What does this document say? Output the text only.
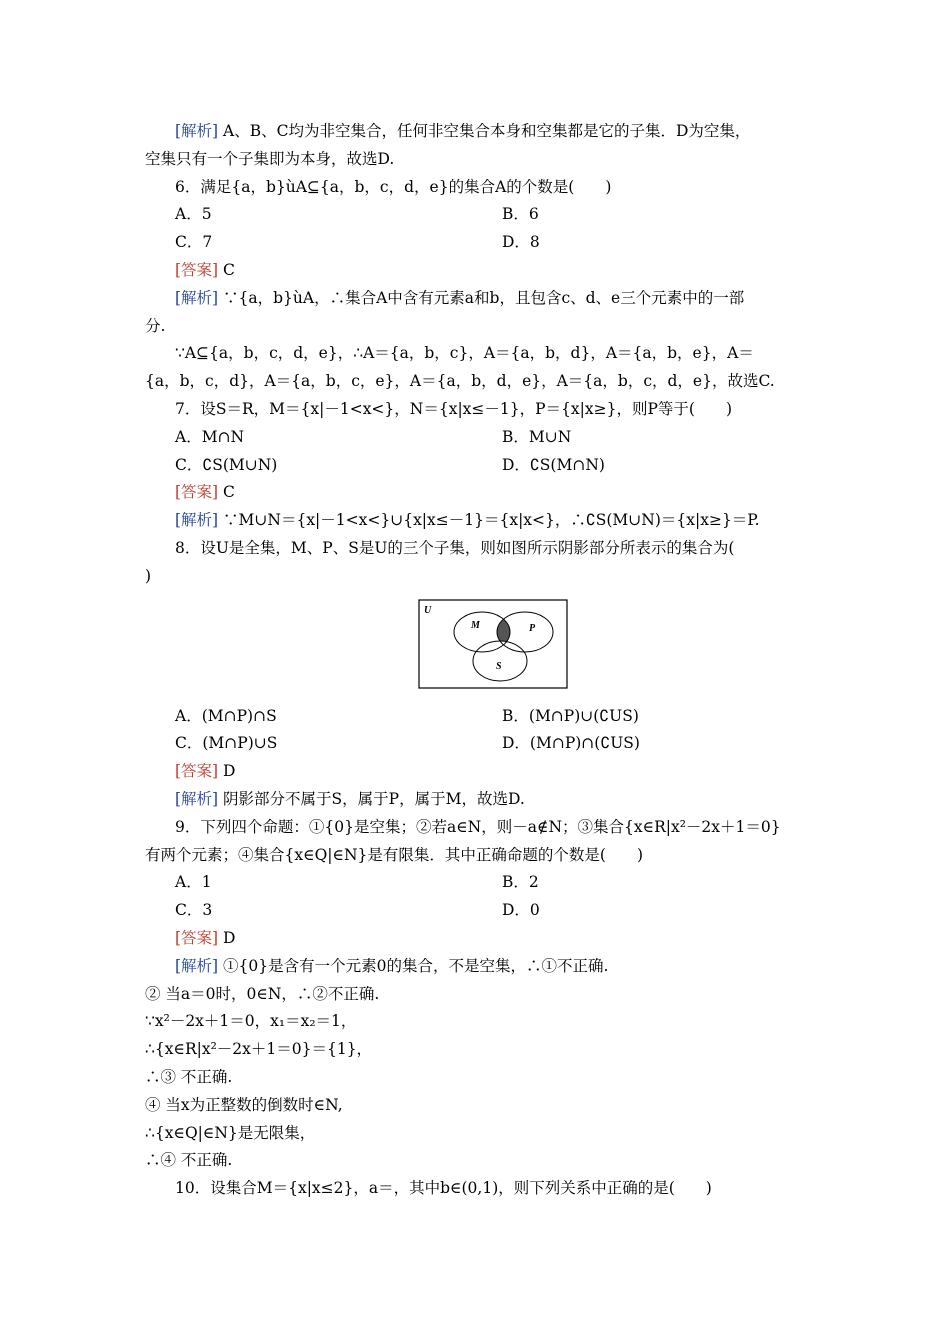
[解析] A、B、C均为非空集合，任何非空集合本身和空集都是它的子集．D为空集，
空集只有一个子集即为本身，故选D.
6．满足{a，b}ùA⊆{a，b，c，d，e}的集合A的个数是(　　)
A．5	B．6
C．7	D．8
[答案] C
[解析] ∵{a，b}ùA，∴集合A中含有元素a和b，且包含c、d、e三个元素中的一部
分.
∵A⊆{a，b，c，d，e}，∴A＝{a，b，c}，A＝{a，b，d}，A＝{a，b，e}，A＝
{a，b，c，d}，A＝{a，b，c，e}，A＝{a，b，d，e}，A＝{a，b，c，d，e}，故选C.
7．设S＝R，M＝{x|－1<x<}，N＝{x|x≤－1}，P＝{x|x≥}，则P等于(　　)
A．M∩N	B．M∪N
C．∁S(M∪N)	D．∁S(M∩N)
[答案] C
[解析] ∵M∪N＝{x|－1<x<}∪{x|x≤－1}＝{x|x<}，∴∁S(M∪N)＝{x|x≥}＝P.
8．设U是全集，M、P、S是U的三个子集，则如图所示阴影部分所表示的集合为(
)
U
M	P
S
A．(M∩P)∩S	B．(M∩P)∪(∁US)
C．(M∩P)∪S	D．(M∩P)∩(∁US)
[答案] D
[解析] 阴影部分不属于S，属于P，属于M，故选D.
9．下列四个命题：①{0}是空集；②若a∈N，则－a∉N；③集合{x∈R|x²－2x＋1＝0}
有两个元素；④集合{x∈Q|∈N}是有限集．其中正确命题的个数是(　　)
A．1	B．2
C．3	D．0
[答案] D
[解析] ①{0}是含有一个元素0的集合，不是空集，∴①不正确.
② 当a＝0时，0∈N，∴②不正确.
∵x²－2x＋1＝0，x₁＝x₂＝1，
∴{x∈R|x²－2x＋1＝0}＝{1}，
∴③ 不正确.
④ 当x为正整数的倒数时∈N,
∴{x∈Q|∈N}是无限集，
∴④ 不正确.
10．设集合M＝{x|x≤2}，a＝，其中b∈(0,1)，则下列关系中正确的是(　　)
